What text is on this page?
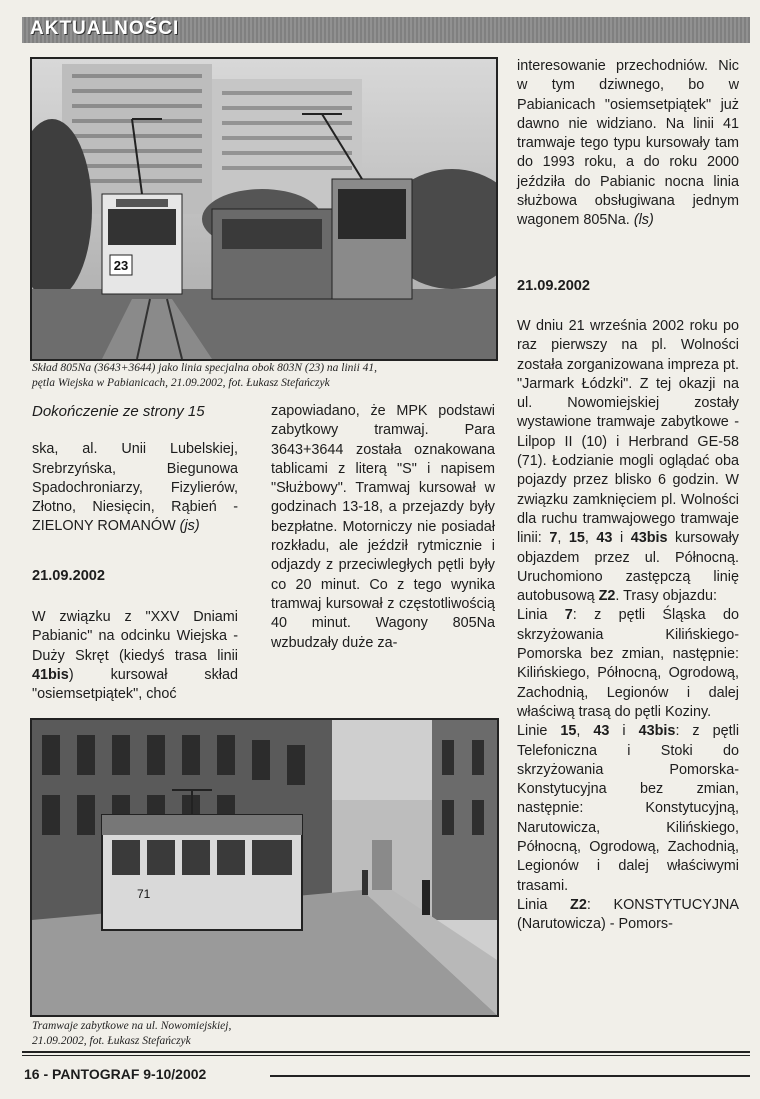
AKTUALNOŚCI
23
Skład 805Na (3643+3644) jako linia specjalna obok 803N (23) na linii 41,
pętla Wiejska w Pabianicach, 21.09.2002, fot. Łukasz Stefańczyk

Dokończenie ze strony 15

ska, al. Unii Lubelskiej, Srebrzyńska, Biegunowa Spadochroniarzy, Fizylierów, Złotno, Niesięcin, Rąbień - ZIELONY ROMANÓW (js)

21.09.2002

W związku z "XXV Dniami Pabianic" na odcinku Wiejska - Duży Skręt (kiedyś trasa linii 41bis) kursował skład "osiemsetpiątek", choć

zapowiadano, że MPK podstawi zabytkowy tramwaj. Para 3643+3644 została oznakowana tablicami z literą "S" i napisem "Służbowy". Tramwaj kursował w godzinach 13-18, a przejazdy były bezpłatne. Motorniczy nie posiadał rozkładu, ale jeździł rytmicznie i odjazdy z przeciwległych pętli były co 20 minut. Co z tego wynika tramwaj kursował z częstotliwością 40 minut. Wagony 805Na wzbudzały duże za-

71
Tramwaje zabytkowe na ul. Nowomiejskiej,
21.09.2002, fot. Łukasz Stefańczyk

interesowanie przechodniów. Nic w tym dziwnego, bo w Pabianicach "osiemsetpiątek" już dawno nie widziano. Na linii 41 tramwaje tego typu kursowały tam do 1993 roku, a do roku 2000 jeździła do Pabianic nocna linia służbowa obsługiwana jednym wagonem 805Na. (ls)

21.09.2002

W dniu 21 września 2002 roku po raz pierwszy na pl. Wolności została zorganizowana impreza pt. "Jarmark Łódzki". Z tej okazji na ul. Nowomiejskiej zostały wystawione tramwaje zabytkowe - Lilpop II (10) i Herbrand GE-58 (71). Łodzianie mogli oglądać oba pojazdy przez blisko 6 godzin. W związku zamknięciem pl. Wolności dla ruchu tramwajowego tramwaje linii: 7, 15, 43 i 43bis kursowały objazdem przez ul. Północną. Uruchomiono zastępczą linię autobusową Z2. Trasy objazdu:

Linia 7: z pętli Śląska do skrzyżowania Kilińskiego-Pomorska bez zmian, następnie: Kilińskiego, Północną, Ogrodową, Zachodnią, Legionów i dalej właściwą trasą do pętli Koziny.

Linie 15, 43 i 43bis: z pętli Telefoniczna i Stoki do skrzyżowania Pomorska-Konstytucyjna bez zmian, następnie: Konstytucyjną, Narutowicza, Kilińskiego, Północną, Ogrodową, Zachodnią, Legionów i dalej właściwymi trasami.

Linia Z2: KONSTYTUCYJNA (Narutowicza) - Pomors-

16 - PANTOGRAF 9-10/2002
